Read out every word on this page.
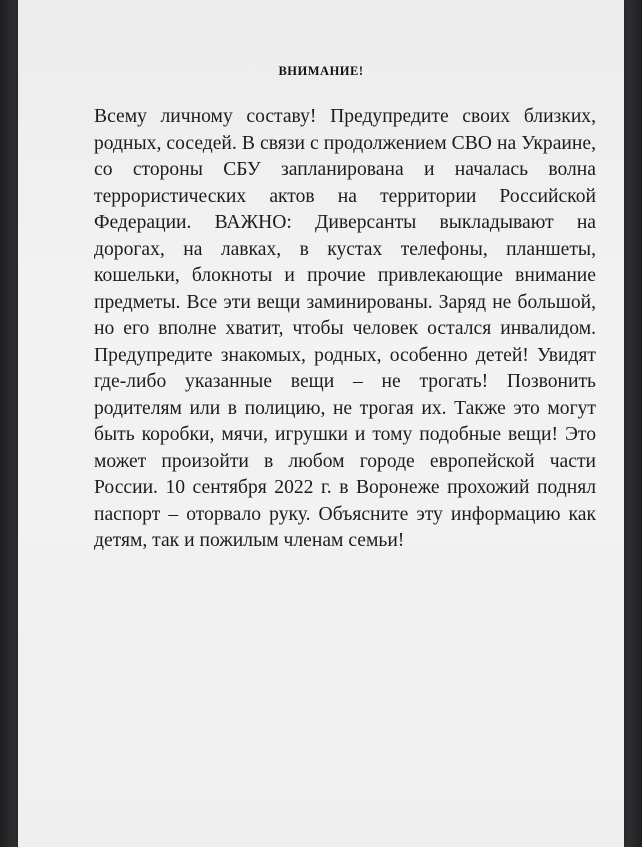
ВНИМАНИЕ!

Всему личному составу! Предупредите своих близких, родных, соседей. В связи с продолжением СВО на Украине, со стороны СБУ запланирована и началась волна террористических актов на территории Российской Федерации. ВАЖНО: Диверсанты выкладывают на дорогах, на лавках, в кустах телефоны, планшеты, кошельки, блокноты и прочие привлекающие внимание предметы. Все эти вещи заминированы. Заряд не большой, но его вполне хватит, чтобы человек остался инвалидом. Предупредите знакомых, родных, особенно детей! Увидят где-либо указанные вещи – не трогать! Позвонить родителям или в полицию, не трогая их. Также это могут быть коробки, мячи, игрушки и тому подобные вещи! Это может произойти в любом городе европейской части России. 10 сентября 2022 г. в Воронеже прохожий поднял паспорт – оторвало руку. Объясните эту информацию как детям, так и пожилым членам семьи!
